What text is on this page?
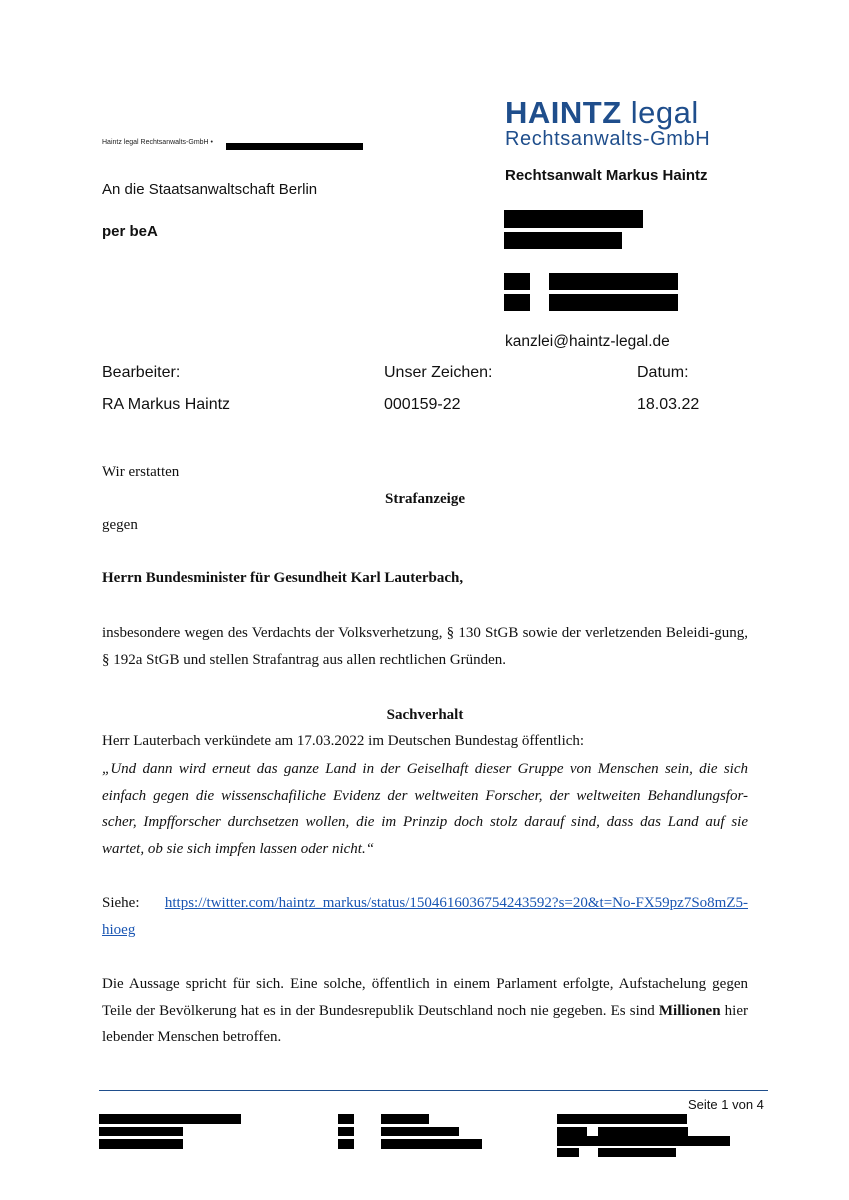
HAINTZ legal
Rechtsanwalts-GmbH
Haintz legal Rechtsanwalts-GmbH •
An die Staatsanwaltschaft Berlin
per beA
Rechtsanwalt Markus Haintz
kanzlei@haintz-legal.de
Bearbeiter:	Unser Zeichen:	Datum:
RA Markus Haintz	000159-22	18.03.22
Wir erstatten
Strafanzeige
gegen
Herrn Bundesminister für Gesundheit Karl Lauterbach,
insbesondere wegen des Verdachts der Volksverhetzung, § 130 StGB sowie der verletzenden Beleidi-gung, § 192a StGB und stellen Strafantrag aus allen rechtlichen Gründen.
Sachverhalt
Herr Lauterbach verkündete am 17.03.2022 im Deutschen Bundestag öffentlich:
„Und dann wird erneut das ganze Land in der Geiselhaft dieser Gruppe von Menschen sein, die sich einfach gegen die wissenschafiliche Evidenz der weltweiten Forscher, der weltweiten Behandlungsfor-scher, Impfforscher durchsetzen wollen, die im Prinzip doch stolz darauf sind, dass das Land auf sie wartet, ob sie sich impfen lassen oder nicht.“
Siehe: https://twitter.com/haintz_markus/status/1504616036754243592?s=20&t=No-FX59pz7So8mZ5-hioeg
Die Aussage spricht für sich. Eine solche, öffentlich in einem Parlament erfolgte, Aufstachelung gegen Teile der Bevölkerung hat es in der Bundesrepublik Deutschland noch nie gegeben. Es sind Millionen hier lebender Menschen betroffen.
Seite 1 von 4
